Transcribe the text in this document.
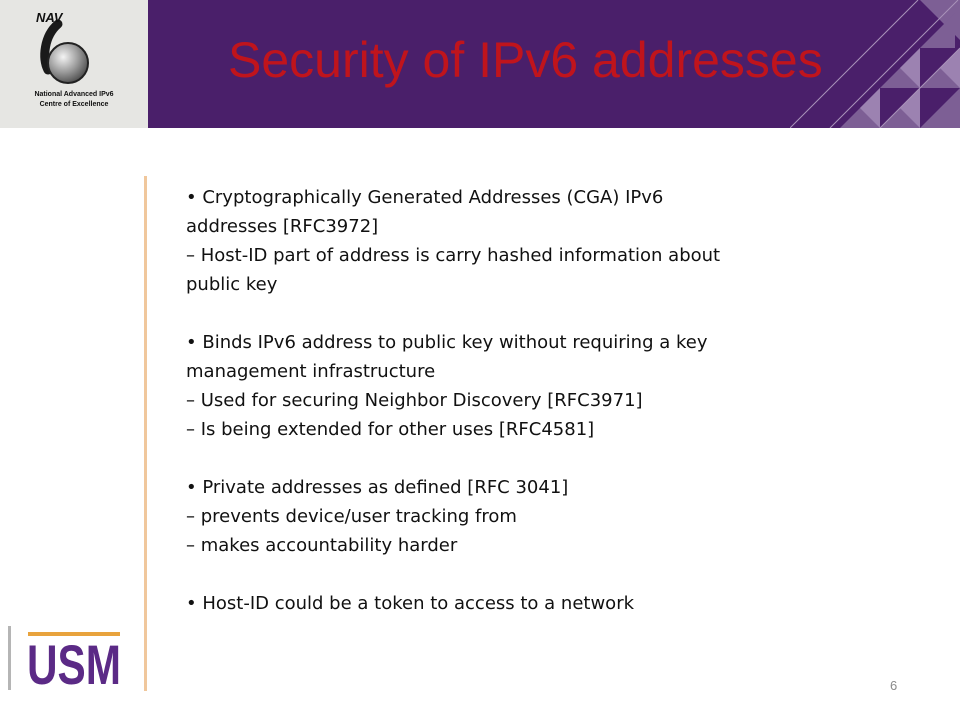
NAV
National Advanced IPv6
Centre of Excellence
Security of IPv6 addresses
• Cryptographically Generated Addresses (CGA) IPv6
addresses [RFC3972]
– Host-ID part of address is carry hashed information about
public key
• Binds IPv6 address to public key without requiring a key
management infrastructure
– Used for securing Neighbor Discovery [RFC3971]
– Is being extended for other uses [RFC4581]
• Private addresses as defined [RFC 3041]
– prevents device/user tracking from
– makes accountability harder
• Host-ID could be a token to access to a network
USM	6
